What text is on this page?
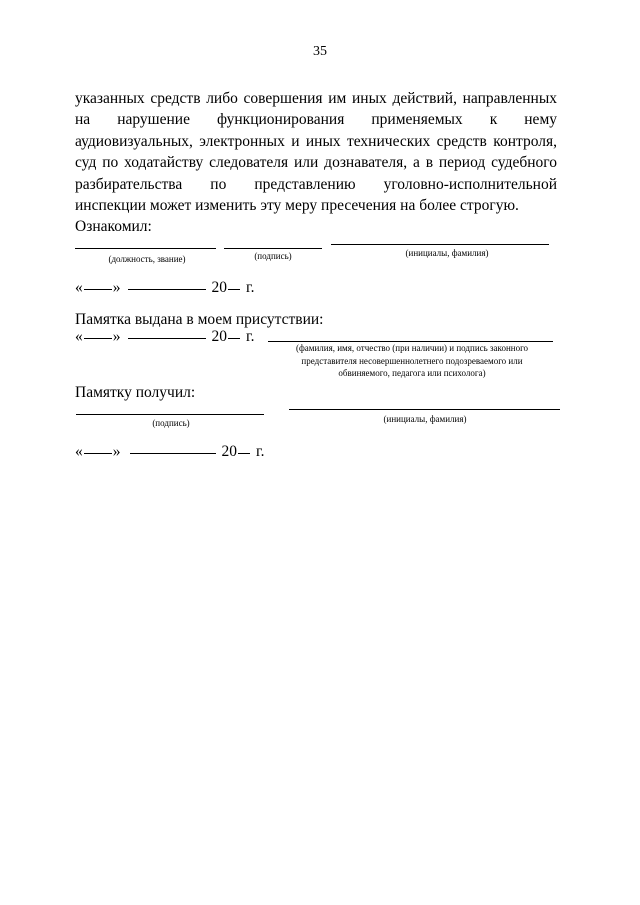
35

указанных средств либо совершения им иных действий, направленных на нарушение функционирования применяемых к нему аудиовизуальных, электронных и иных технических средств контроля, суд по ходатайству следователя или дознавателя, а в период судебного разбирательства по представлению уголовно-исполнительной инспекции может изменить эту меру пресечения на более строгую.

Ознакомил:
(должность, звание)	(подпись)	(инициалы, фамилия)
« »	20 г.
Памятка выдана в моем присутствии:
« »	20 г.
(фамилия, имя, отчество (при наличии) и подпись законного
представителя несовершеннолетнего подозреваемого или
обвиняемого, педагога или психолога)
Памятку получил:
(подпись)	(инициалы, фамилия)
« »	20 г.
